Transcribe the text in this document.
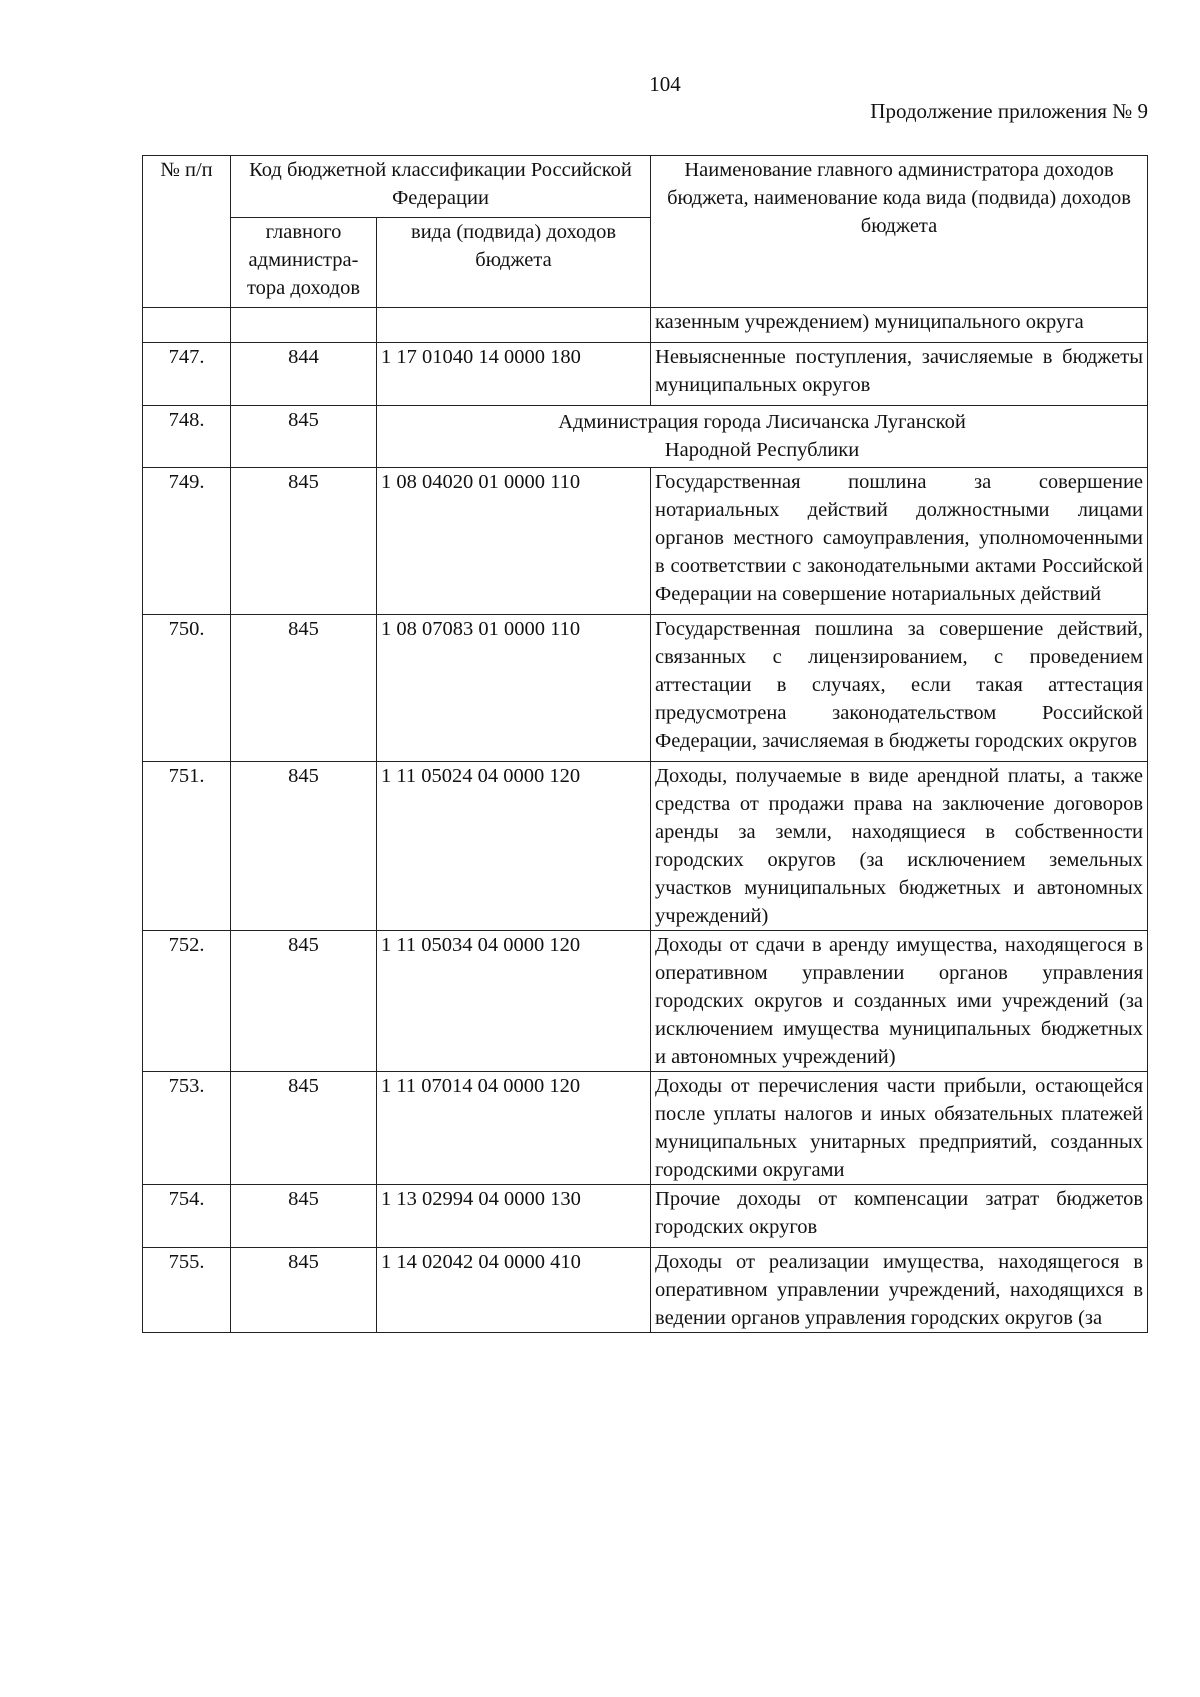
104
Продолжение приложения № 9
№ п/п	Код бюджетной классификации Российской Федерации		Наименование главного администратора доходов бюджета, наименование кода вида (подвида) доходов бюджета
	главного администра-тора доходов	вида (подвида) доходов бюджета	
			казенным учреждением) муниципального округа
747.	844	1 17 01040 14 0000 180	Невыясненные поступления, зачисляемые в бюджеты муниципальных округов
748.	845	Администрация города Лисичанска Луганской Народной Республики	
749.	845	1 08 04020 01 0000 110	Государственная пошлина за совершение нотариальных действий должностными лицами органов местного самоуправления, уполномоченными в соответствии с законодательными актами Российской Федерации на совершение нотариальных действий
750.	845	1 08 07083 01 0000 110	Государственная пошлина за совершение действий, связанных с лицензированием, с проведением аттестации в случаях, если такая аттестация предусмотрена законодательством Российской Федерации, зачисляемая в бюджеты городских округов
751.	845	1 11 05024 04 0000 120	Доходы, получаемые в виде арендной платы, а также средства от продажи права на заключение договоров аренды за земли, находящиеся в собственности городских округов (за исключением земельных участков муниципальных бюджетных и автономных учреждений)
752.	845	1 11 05034 04 0000 120	Доходы от сдачи в аренду имущества, находящегося в оперативном управлении органов управления городских округов и созданных ими учреждений (за исключением имущества муниципальных бюджетных и автономных учреждений)
753.	845	1 11 07014 04 0000 120	Доходы от перечисления части прибыли, остающейся после уплаты налогов и иных обязательных платежей муниципальных унитарных предприятий, созданных городскими округами
754.	845	1 13 02994 04 0000 130	Прочие доходы от компенсации затрат бюджетов городских округов
755.	845	1 14 02042 04 0000 410	Доходы от реализации имущества, находящегося в оперативном управлении учреждений, находящихся в ведении органов управления городских округов (за
